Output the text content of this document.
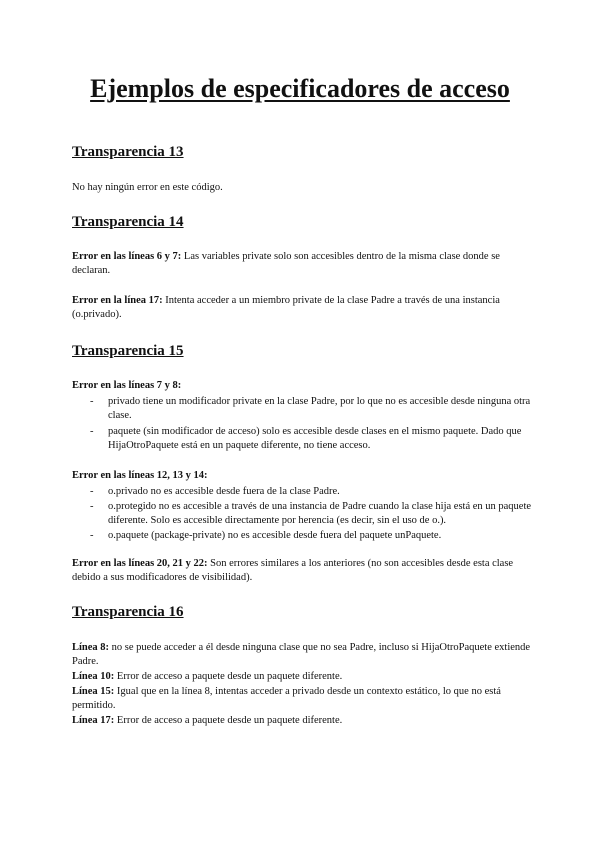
Ejemplos de especificadores de acceso
Transparencia 13

No hay ningún error en este código.

Transparencia 14

Error en las líneas 6 y 7: Las variables private solo son accesibles dentro de la misma clase donde se declaran.

Error en la línea 17: Intenta acceder a un miembro private de la clase Padre a través de una instancia (o.privado).

Transparencia 15

Error en las líneas 7 y 8:

- privado tiene un modificador private en la clase Padre, por lo que no es accesible desde ninguna otra clase.
- paquete (sin modificador de acceso) solo es accesible desde clases en el mismo paquete. Dado que HijaOtroPaquete está en un paquete diferente, no tiene acceso.

Error en las líneas 12, 13 y 14:

- o.privado no es accesible desde fuera de la clase Padre.
- o.protegido no es accesible a través de una instancia de Padre cuando la clase hija está en un paquete diferente. Solo es accesible directamente por herencia (es decir, sin el uso de o.).
- o.paquete (package-private) no es accesible desde fuera del paquete unPaquete.

Error en las líneas 20, 21 y 22: Son errores similares a los anteriores (no son accesibles desde esta clase debido a sus modificadores de visibilidad).

Transparencia 16

Línea 8: no se puede acceder a él desde ninguna clase que no sea Padre, incluso si HijaOtroPaquete extiende Padre.

Línea 10: Error de acceso a paquete desde un paquete diferente.

Línea 15: Igual que en la línea 8, intentas acceder a privado desde un contexto estático, lo que no está permitido.

Línea 17: Error de acceso a paquete desde un paquete diferente.
